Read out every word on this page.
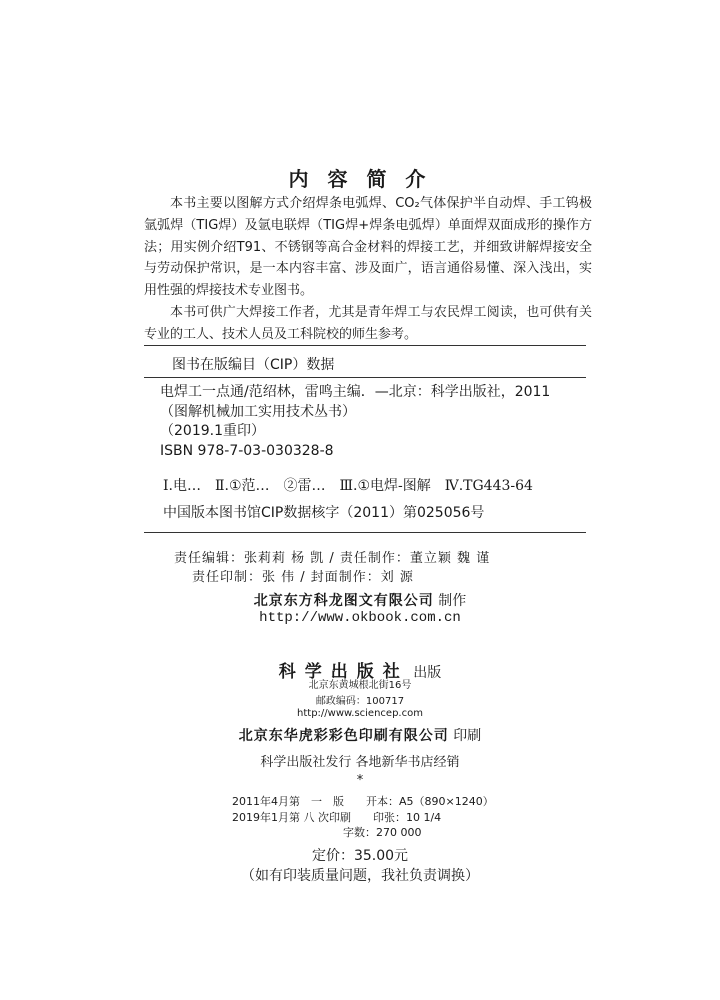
内 容 简 介

本书主要以图解方式介绍焊条电弧焊、CO₂气体保护半自动焊、手工钨极氩弧焊（TIG焊）及氩电联焊（TIG焊+焊条电弧焊）单面焊双面成形的操作方法；用实例介绍T91、不锈钢等高合金材料的焊接工艺，并细致讲解焊接安全与劳动保护常识，是一本内容丰富、涉及面广，语言通俗易懂、深入浅出，实用性强的焊接技术专业图书。

本书可供广大焊接工作者，尤其是青年焊工与农民焊工阅读，也可供有关专业的工人、技术人员及工科院校的师生参考。

图书在版编目（CIP）数据
电焊工一点通/范绍林，雷鸣主编．—北京：科学出版社，2011
（图解机械加工实用技术丛书）
（2019.1重印）
ISBN 978-7-03-030328-8
Ⅰ.电…　Ⅱ.①范…　②雷…　Ⅲ.①电焊-图解　Ⅳ.TG443-64
中国版本图书馆CIP数据核字（2011）第025056号
责任编辑：张莉莉 杨 凯 / 责任制作：董立颖 魏 谨
责任印制：张 伟 / 封面制作：刘 源
北京东方科龙图文有限公司 制作
http://www.okbook.com.cn
科学出版社 出版
北京东黄城根北街16号
邮政编码：100717
http://www.sciencep.com
北京东华虎彩彩色印刷有限公司 印刷
科学出版社发行 各地新华书店经销
*
2011年4月第　一　版　　开本：A5（890×1240）
2019年1月第 八 次印刷　　印张：10 1/4
字数：270 000
定价：35.00元
（如有印装质量问题，我社负责调换）
